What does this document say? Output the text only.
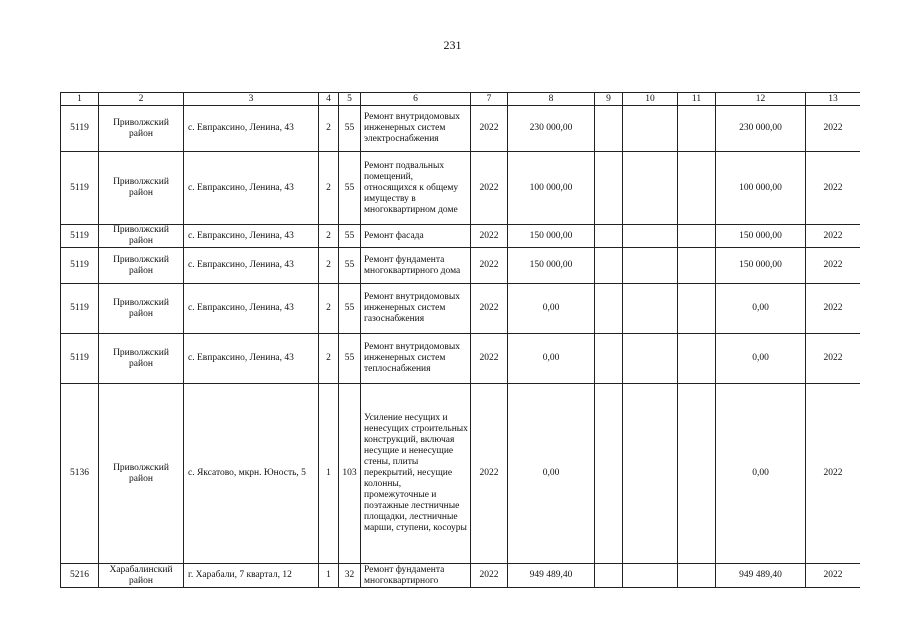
231
1	2	3	4	5	6	7	8	9	10	11	12	13
5119	Приволжский район	с. Евпраксино, Ленина, 43	2	55	Ремонт внутридомовых инженерных систем электроснабжения	2022	230 000,00				230 000,00	2022
5119	Приволжский район	с. Евпраксино, Ленина, 43	2	55	Ремонт подвальных помещений, относящихся к общему имуществу в многоквартирном доме	2022	100 000,00				100 000,00	2022
5119	Приволжский район	с. Евпраксино, Ленина, 43	2	55	Ремонт фасада	2022	150 000,00				150 000,00	2022
5119	Приволжский район	с. Евпраксино, Ленина, 43	2	55	Ремонт фундамента многоквартирного дома	2022	150 000,00				150 000,00	2022
5119	Приволжский район	с. Евпраксино, Ленина, 43	2	55	Ремонт внутридомовых инженерных систем газоснабжения	2022	0,00				0,00	2022
5119	Приволжский район	с. Евпраксино, Ленина, 43	2	55	Ремонт внутридомовых инженерных систем теплоснабжения	2022	0,00				0,00	2022
5136	Приволжский район	с. Яксатово, мкрн. Юность, 5	1	103	Усиление несущих и ненесущих строительных конструкций, включая несущие и ненесущие стены, плиты перекрытий, несущие колонны, промежуточные и поэтажные лестничные площадки, лестничные марши, ступени, косоуры	2022	0,00				0,00	2022
5216	Харабалинский район	г. Харабали, 7 квартал, 12	1	32	Ремонт фундамента многоквартирного	2022	949 489,40				949 489,40	2022
